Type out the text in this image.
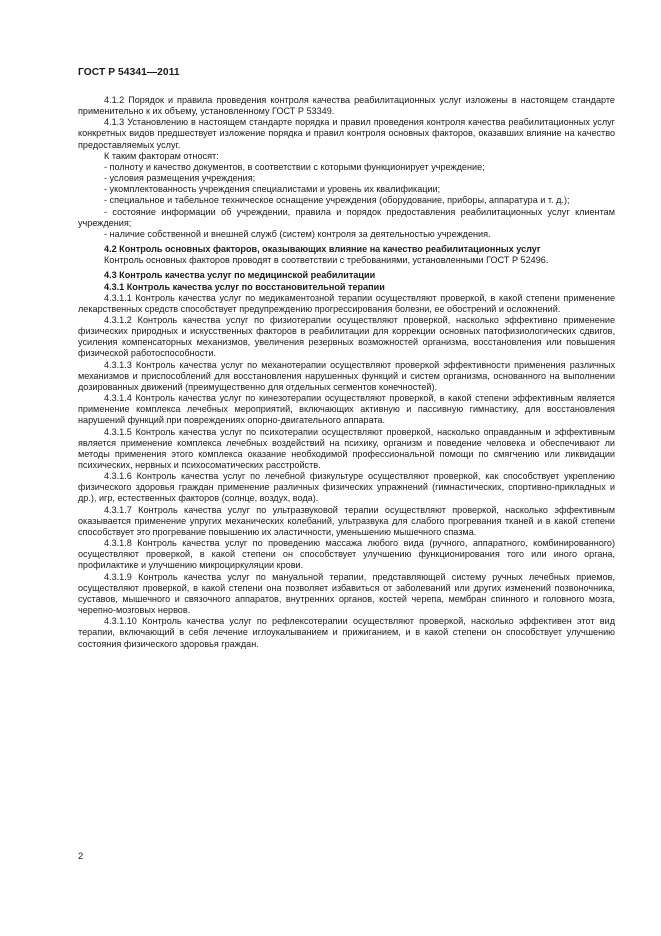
ГОСТ Р 54341—2011

4.1.2 Порядок и правила проведения контроля качества реабилитационных услуг изложены в настоящем стандарте применительно к их объему, установленному ГОСТ Р 53349.

4.1.3 Установлению в настоящем стандарте порядка и правил проведения контроля качества реабилитационных услуг конкретных видов предшествует изложение порядка и правил контроля основных факторов, оказавших влияние на качество предоставляемых услуг.

К таким факторам относят:

- полноту и качество документов, в соответствии с которыми функционирует учреждение;

- условия размещения учреждения;

- укомплектованность учреждения специалистами и уровень их квалификации;

- специальное и табельное техническое оснащение учреждения (оборудование, приборы, аппаратура и т. д.);

- состояние информации об учреждении, правила и порядок предоставления реабилитационных услуг клиентам учреждения;

- наличие собственной и внешней служб (систем) контроля за деятельностью учреждения.

4.2 Контроль основных факторов, оказывающих влияние на качество реабилитационных услуг

Контроль основных факторов проводят в соответствии с требованиями, установленными ГОСТ Р 52496.

4.3 Контроль качества услуг по медицинской реабилитации

4.3.1 Контроль качества услуг по восстановительной терапии

4.3.1.1 Контроль качества услуг по медикаментозной терапии осуществляют проверкой, в какой степени применение лекарственных средств способствует предупреждению прогрессирования болезни, ее обострений и осложнений.

4.3.1.2 Контроль качества услуг по физиотерапии осуществляют проверкой, насколько эффективно применение физических природных и искусственных факторов в реабилитации для коррекции основных патофизиологических сдвигов, усиления компенсаторных механизмов, увеличения резервных возможностей организма, восстановления или повышения физической работоспособности.

4.3.1.3 Контроль качества услуг по механотерапии осуществляют проверкой эффективности применения различных механизмов и приспособлений для восстановления нарушенных функций и систем организма, основанного на выполнении дозированных движений (преимущественно для отдельных сегментов конечностей).

4.3.1.4 Контроль качества услуг по кинезотерапии осуществляют проверкой, в какой степени эффективным является применение комплекса лечебных мероприятий, включающих активную и пассивную гимнастику, для восстановления нарушений функций при повреждениях опорно-двигательного аппарата.

4.3.1.5 Контроль качества услуг по психотерапии осуществляют проверкой, насколько оправданным и эффективным является применение комплекса лечебных воздействий на психику, организм и поведение человека и обеспечивают ли методы применения этого комплекса оказание необходимой профессиональной помощи по смягчению или ликвидации психических, нервных и психосоматических расстройств.

4.3.1.6 Контроль качества услуг по лечебной физкультуре осуществляют проверкой, как способствует укреплению физического здоровья граждан применение различных физических упражнений (гимнастических, спортивно-прикладных и др.), игр, естественных факторов (солнце, воздух, вода).

4.3.1.7 Контроль качества услуг по ультразвуковой терапии осуществляют проверкой, насколько эффективным оказывается применение упругих механических колебаний, ультразвука для слабого прогревания тканей и в какой степени способствует это прогревание повышению их эластичности, уменьшению мышечного спазма.

4.3.1.8 Контроль качества услуг по проведению массажа любого вида (ручного, аппаратного, комбинированного) осуществляют проверкой, в какой степени он способствует улучшению функционирования того или иного органа, профилактике и улучшению микроциркуляции крови.

4.3.1.9 Контроль качества услуг по мануальной терапии, представляющей систему ручных лечебных приемов, осуществляют проверкой, в какой степени она позволяет избавиться от заболеваний или других изменений позвоночника, суставов, мышечного и связочного аппаратов, внутренних органов, костей черепа, мембран спинного и головного мозга, черепно-мозговых нервов.

4.3.1.10 Контроль качества услуг по рефлексотерапии осуществляют проверкой, насколько эффективен этот вид терапии, включающий в себя лечение иглоукалыванием и прижиганием, и в какой степени он способствует улучшению состояния физического здоровья граждан.

2
